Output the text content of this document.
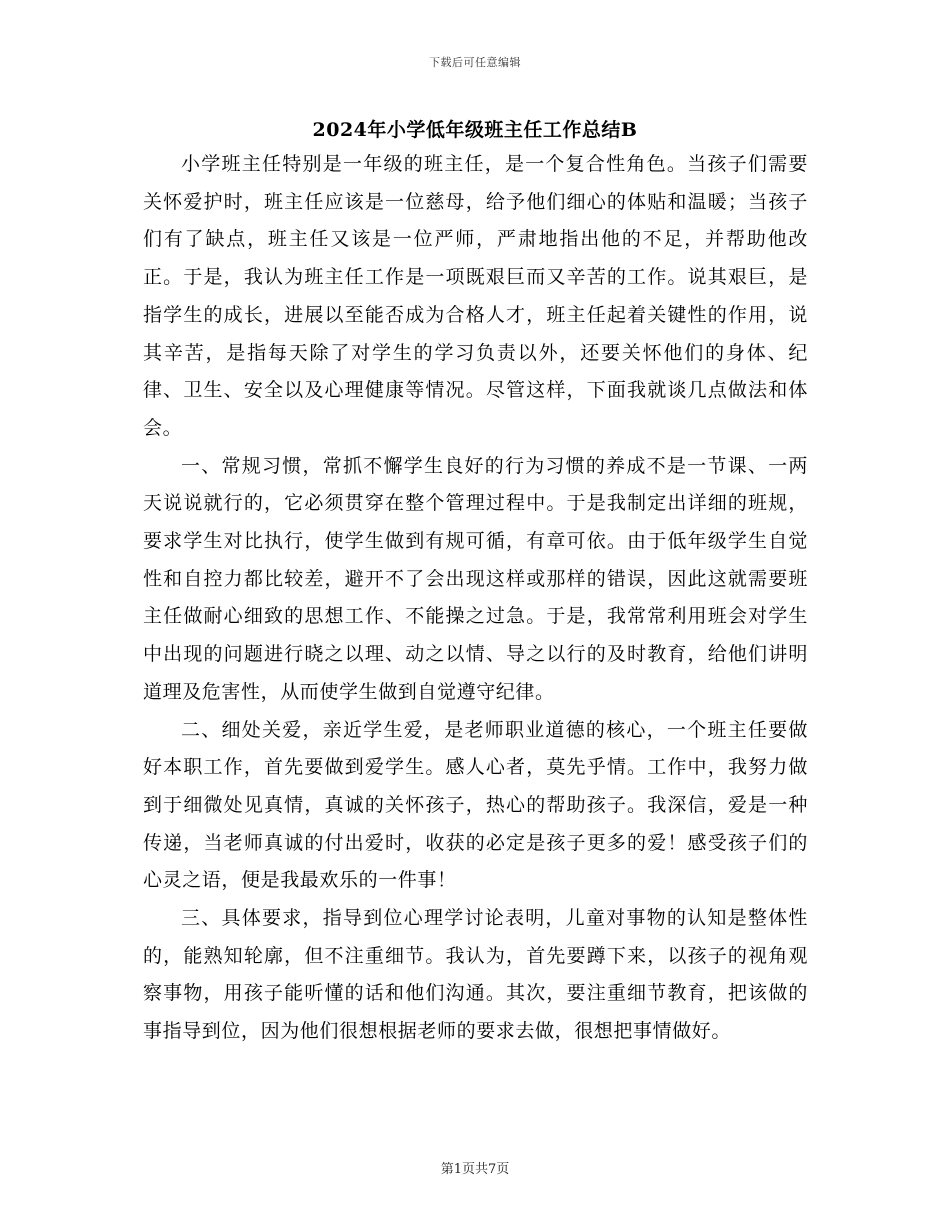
下载后可任意编辑
2024年小学低年级班主任工作总结B

小学班主任特别是一年级的班主任，是一个复合性角色。当孩子们需要关怀爱护时，班主任应该是一位慈母，给予他们细心的体贴和温暖；当孩子们有了缺点，班主任又该是一位严师，严肃地指出他的不足，并帮助他改正。于是，我认为班主任工作是一项既艰巨而又辛苦的工作。说其艰巨，是指学生的成长，进展以至能否成为合格人才，班主任起着关键性的作用，说其辛苦，是指每天除了对学生的学习负责以外，还要关怀他们的身体、纪律、卫生、安全以及心理健康等情况。尽管这样，下面我就谈几点做法和体会。

一、常规习惯，常抓不懈学生良好的行为习惯的养成不是一节课、一两天说说就行的，它必须贯穿在整个管理过程中。于是我制定出详细的班规，要求学生对比执行，使学生做到有规可循，有章可依。由于低年级学生自觉性和自控力都比较差，避开不了会出现这样或那样的错误，因此这就需要班主任做耐心细致的思想工作、不能操之过急。于是，我常常利用班会对学生中出现的问题进行晓之以理、动之以情、导之以行的及时教育，给他们讲明道理及危害性，从而使学生做到自觉遵守纪律。

二、细处关爱，亲近学生爱，是老师职业道德的核心，一个班主任要做好本职工作，首先要做到爱学生。感人心者，莫先乎情。工作中，我努力做到于细微处见真情，真诚的关怀孩子，热心的帮助孩子。我深信，爱是一种传递，当老师真诚的付出爱时，收获的必定是孩子更多的爱！感受孩子们的心灵之语，便是我最欢乐的一件事！

三、具体要求，指导到位心理学讨论表明，儿童对事物的认知是整体性的，能熟知轮廓，但不注重细节。我认为，首先要蹲下来，以孩子的视角观察事物，用孩子能听懂的话和他们沟通。其次，要注重细节教育，把该做的事指导到位，因为他们很想根据老师的要求去做，很想把事情做好。

第1页共7页
